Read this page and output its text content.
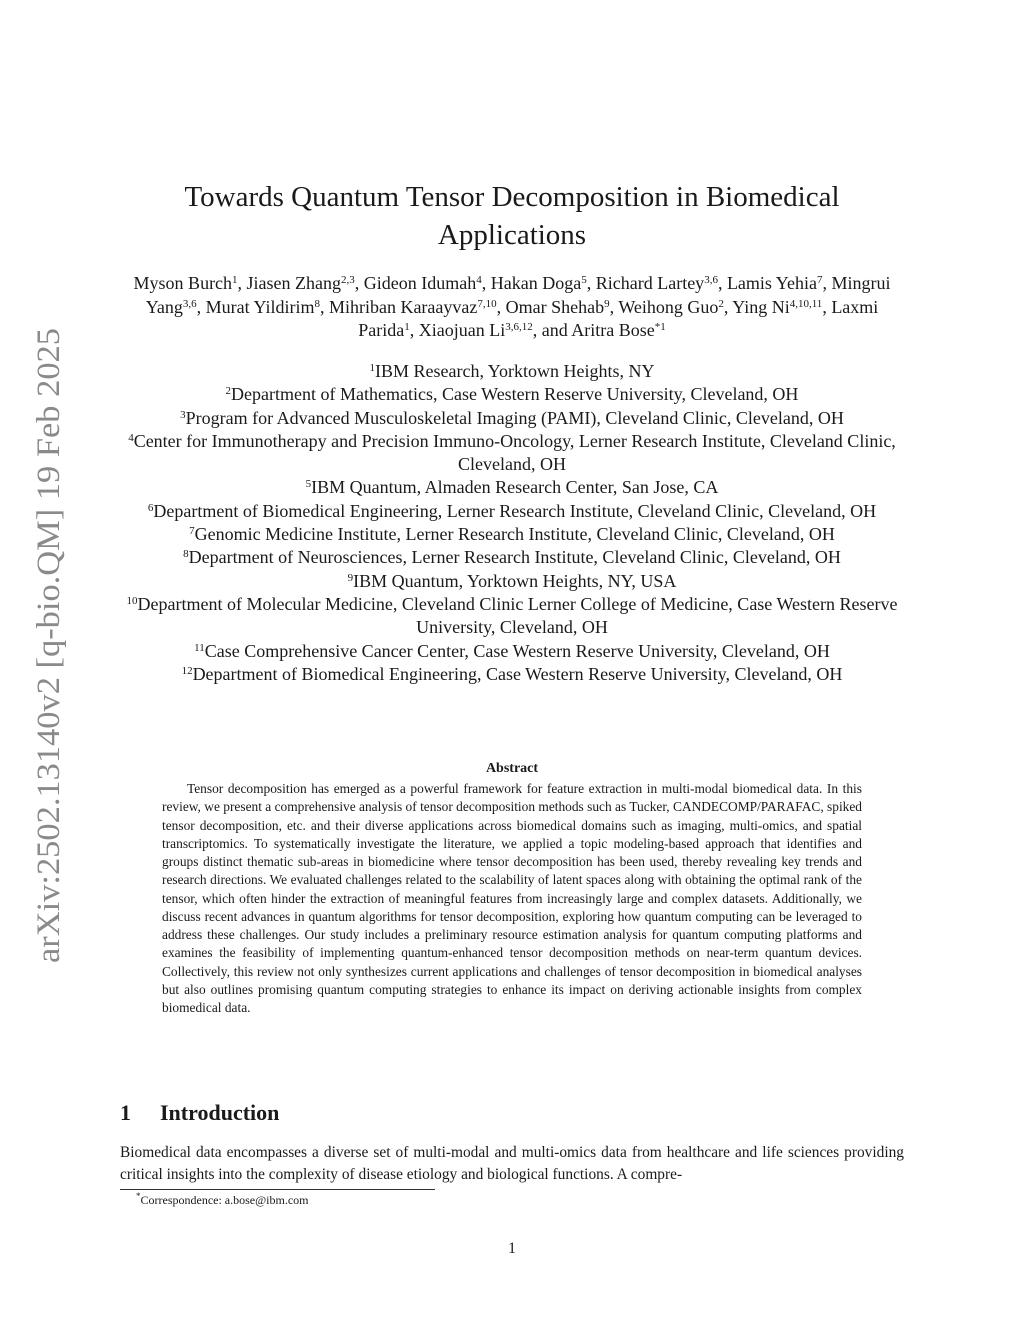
arXiv:2502.13140v2 [q-bio.QM] 19 Feb 2025
Towards Quantum Tensor Decomposition in Biomedical Applications
Myson Burch$^1$, Jiasen Zhang$^{2,3}$, Gideon Idumah$^4$, Hakan Doga$^5$, Richard Lartey$^{3,6}$, Lamis Yehia$^7$, Mingrui Yang$^{3,6}$, Murat Yildirim$^8$, Mihriban Karaayvaz$^{7,10}$, Omar Shehab$^9$, Weihong Guo$^2$, Ying Ni$^{4,10,11}$, Laxmi Parida$^1$, Xiaojuan Li$^{3,6,12}$, and Aritra Bose$^{*1}$
$^1$IBM Research, Yorktown Heights, NY
$^2$Department of Mathematics, Case Western Reserve University, Cleveland, OH
$^3$Program for Advanced Musculoskeletal Imaging (PAMI), Cleveland Clinic, Cleveland, OH
$^4$Center for Immunotherapy and Precision Immuno-Oncology, Lerner Research Institute, Cleveland Clinic, Cleveland, OH
$^5$IBM Quantum, Almaden Research Center, San Jose, CA
$^6$Department of Biomedical Engineering, Lerner Research Institute, Cleveland Clinic, Cleveland, OH
$^7$Genomic Medicine Institute, Lerner Research Institute, Cleveland Clinic, Cleveland, OH
$^8$Department of Neurosciences, Lerner Research Institute, Cleveland Clinic, Cleveland, OH
$^9$IBM Quantum, Yorktown Heights, NY, USA
$^{10}$Department of Molecular Medicine, Cleveland Clinic Lerner College of Medicine, Case Western Reserve University, Cleveland, OH
$^{11}$Case Comprehensive Cancer Center, Case Western Reserve University, Cleveland, OH
$^{12}$Department of Biomedical Engineering, Case Western Reserve University, Cleveland, OH
Abstract

Tensor decomposition has emerged as a powerful framework for feature extraction in multi-modal biomedical data. In this review, we present a comprehensive analysis of tensor decomposition methods such as Tucker, CANDECOMP/PARAFAC, spiked tensor decomposition, etc. and their diverse applications across biomedical domains such as imaging, multi-omics, and spatial transcriptomics. To systematically investigate the literature, we applied a topic modeling-based approach that identifies and groups distinct thematic sub-areas in biomedicine where tensor decomposition has been used, thereby revealing key trends and research directions. We evaluated challenges related to the scalability of latent spaces along with obtaining the optimal rank of the tensor, which often hinder the extraction of meaningful features from increasingly large and complex datasets. Additionally, we discuss recent advances in quantum algorithms for tensor decomposition, exploring how quantum computing can be leveraged to address these challenges. Our study includes a preliminary resource estimation analysis for quantum computing platforms and examines the feasibility of implementing quantum-enhanced tensor decomposition methods on near-term quantum devices. Collectively, this review not only synthesizes current applications and challenges of tensor decomposition in biomedical analyses but also outlines promising quantum computing strategies to enhance its impact on deriving actionable insights from complex biomedical data.

1 Introduction

Biomedical data encompasses a diverse set of multi-modal and multi-omics data from healthcare and life sciences providing critical insights into the complexity of disease etiology and biological functions. A compre-

*Correspondence: a.bose@ibm.com
1
